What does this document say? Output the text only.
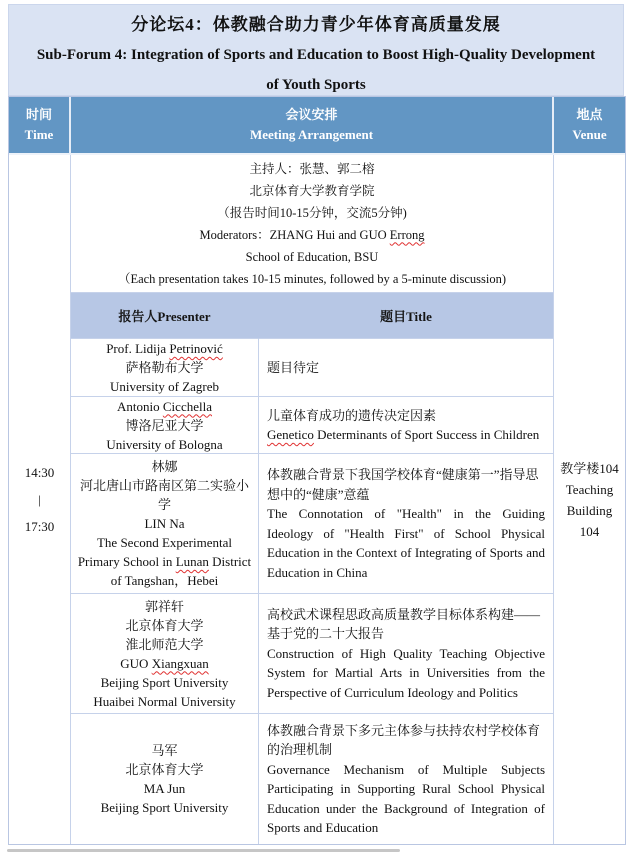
分论坛4：体教融合助力青少年体育高质量发展
Sub-Forum 4: Integration of Sports and Education to Boost High-Quality Development of Youth Sports
时间
Time
会议安排
Meeting Arrangement
地点
Venue
14:30
|
17:30
主持人：张慧、郭二榕
北京体育大学教育学院
（报告时间10-15分钟，交流5分钟)
Moderators：ZHANG Hui and GUO Errong
School of Education, BSU
（Each presentation takes 10-15 minutes, followed by a 5-minute discussion)
教学楼104
Teaching Building 104
报告人Presenter	题目Title
Prof. Lidija Petrinović
萨格勒布大学
University of Zagreb
题目待定
Antonio Cicchella
博洛尼亚大学
University of Bologna
儿童体育成功的遗传决定因素
Genetico Determinants of Sport Success in Children
林娜
河北唐山市路南区第二实验小学
LIN Na
The Second Experimental Primary School in Lunan District of Tangshan，Hebei
体教融合背景下我国学校体育“健康第一”指导思想中的“健康”意蕴
The Connotation of "Health" in the Guiding Ideology of "Health First" of School Physical Education in the Context of Integrating of Sports and Education in China
郭祥轩
北京体育大学
淮北师范大学
GUO Xiangxuan
Beijing Sport University
Huaibei Normal University
高校武术课程思政高质量教学目标体系构建——基于党的二十大报告
Construction of High Quality Teaching Objective System for Martial Arts in Universities from the Perspective of Curriculum Ideology and Politics
马军
北京体育大学
MA Jun
Beijing Sport University
体教融合背景下多元主体参与扶持农村学校体育的治理机制
Governance Mechanism of Multiple Subjects Participating in Supporting Rural School Physical Education under the Background of Integration of Sports and Education
